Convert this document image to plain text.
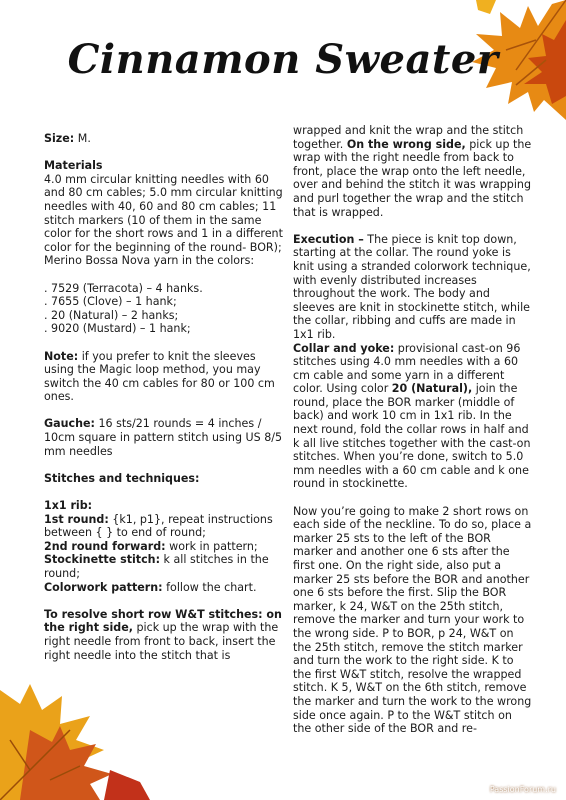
Cinnamon Sweater

Size: M.

Materials
4.0 mm circular knitting needles with 60 and 80 cm cables; 5.0 mm circular knitting needles with 40, 60 and 80 cm cables; 11 stitch markers (10 of them in the same color for the short rows and 1 in a different color for the beginning of the round- BOR); Merino Bossa Nova yarn in the colors:

. 7529 (Terracota) – 4 hanks.
. 7655 (Clove) – 1 hank;
. 20 (Natural) – 2 hanks;
. 9020 (Mustard) – 1 hank;

Note: if you prefer to knit the sleeves using the Magic loop method, you may switch the 40 cm cables for 80 or 100 cm ones.

Gauche: 16 sts/21 rounds = 4 inches / 10cm square in pattern stitch using US 8/5 mm needles

Stitches and techniques:

1x1 rib:
1st round: {k1, p1}, repeat instructions between { } to end of round;
2nd round forward: work in pattern;
Stockinette stitch: k all stitches in the round;
Colorwork pattern: follow the chart.

To resolve short row W&T stitches: on the right side, pick up the wrap with the right needle from front to back, insert the right needle into the stitch that is

wrapped and knit the wrap and the stitch together. On the wrong side, pick up the wrap with the right needle from back to front, place the wrap onto the left needle, over and behind the stitch it was wrapping and purl together the wrap and the stitch that is wrapped.

Execution – The piece is knit top down, starting at the collar. The round yoke is knit using a stranded colorwork technique, with evenly distributed increases throughout the work. The body and sleeves are knit in stockinette stitch, while the collar, ribbing and cuffs are made in 1x1 rib.

Collar and yoke: provisional cast-on 96 stitches using 4.0 mm needles with a 60 cm cable and some yarn in a different color. Using color 20 (Natural), join the round, place the BOR marker (middle of back) and work 10 cm in 1x1 rib. In the next round, fold the collar rows in half and k all live stitches together with the cast-on stitches. When you’re done, switch to 5.0 mm needles with a 60 cm cable and k one round in stockinette.

Now you’re going to make 2 short rows on each side of the neckline. To do so, place a marker 25 sts to the left of the BOR marker and another one 6 sts after the first one. On the right side, also put a marker 25 sts before the BOR and another one 6 sts before the first. Slip the BOR marker, k 24, W&T on the 25th stitch, remove the marker and turn your work to the wrong side. P to BOR, p 24, W&T on the 25th stitch, remove the stitch marker and turn the work to the right side. K to the first W&T stitch, resolve the wrapped stitch. K 5, W&T on the 6th stitch, remove the marker and turn the work to the wrong side once again. P to the W&T stitch on the other side of the BOR and re-

PassionForum.ru
